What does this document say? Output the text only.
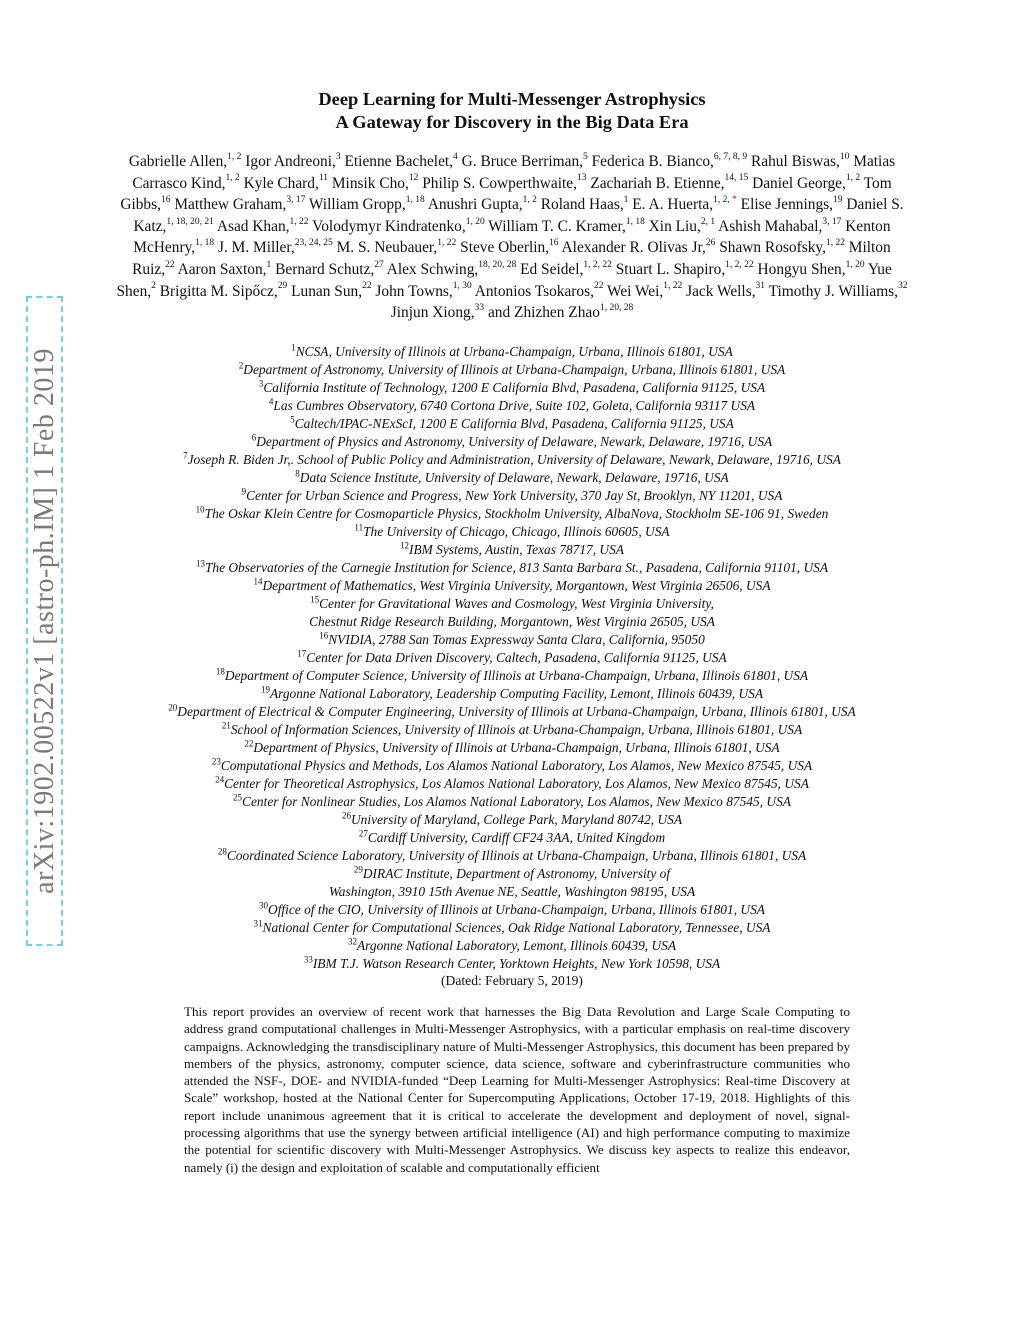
arXiv:1902.00522v1 [astro-ph.IM] 1 Feb 2019
Deep Learning for Multi-Messenger Astrophysics
A Gateway for Discovery in the Big Data Era
Gabrielle Allen,$^{1, 2}$ Igor Andreoni,$^3$ Etienne Bachelet,$^4$ G. Bruce Berriman,$^5$ Federica B. Bianco,$^{6, 7, 8, 9}$ Rahul Biswas,$^{10}$ Matias Carrasco Kind,$^{1, 2}$ Kyle Chard,$^{11}$ Minsik Cho,$^{12}$ Philip S. Cowperthwaite,$^{13}$ Zachariah B. Etienne,$^{14, 15}$ Daniel George,$^{1, 2}$ Tom Gibbs,$^{16}$ Matthew Graham,$^{3, 17}$ William Gropp,$^{1, 18}$ Anushri Gupta,$^{1, 2}$ Roland Haas,$^1$ E. A. Huerta,$^{1, 2, *}$ Elise Jennings,$^{19}$ Daniel S. Katz,$^{1, 18, 20, 21}$ Asad Khan,$^{1, 22}$ Volodymyr Kindratenko,$^{1, 20}$ William T. C. Kramer,$^{1, 18}$ Xin Liu,$^{2, 1}$ Ashish Mahabal,$^{3, 17}$ Kenton McHenry,$^{1, 18}$ J. M. Miller,$^{23, 24, 25}$ M. S. Neubauer,$^{1, 22}$ Steve Oberlin,$^{16}$ Alexander R. Olivas Jr,$^{26}$ Shawn Rosofsky,$^{1, 22}$ Milton Ruiz,$^{22}$ Aaron Saxton,$^1$ Bernard Schutz,$^{27}$ Alex Schwing,$^{18, 20, 28}$ Ed Seidel,$^{1, 2, 22}$ Stuart L. Shapiro,$^{1, 2, 22}$ Hongyu Shen,$^{1, 20}$ Yue Shen,$^2$ Brigitta M. Sipőcz,$^{29}$ Lunan Sun,$^{22}$ John Towns,$^{1, 30}$ Antonios Tsokaros,$^{22}$ Wei Wei,$^{1, 22}$ Jack Wells,$^{31}$ Timothy J. Williams,$^{32}$ Jinjun Xiong,$^{33}$ and Zhizhen Zhao$^{1, 20, 28}$
$^1$NCSA, University of Illinois at Urbana-Champaign, Urbana, Illinois 61801, USA
$^2$Department of Astronomy, University of Illinois at Urbana-Champaign, Urbana, Illinois 61801, USA
$^3$California Institute of Technology, 1200 E California Blvd, Pasadena, California 91125, USA
$^4$Las Cumbres Observatory, 6740 Cortona Drive, Suite 102, Goleta, California 93117 USA
$^5$Caltech/IPAC-NExScI, 1200 E California Blvd, Pasadena, California 91125, USA
$^6$Department of Physics and Astronomy, University of Delaware, Newark, Delaware, 19716, USA
$^7$Joseph R. Biden Jr,. School of Public Policy and Administration, University of Delaware, Newark, Delaware, 19716, USA
$^8$Data Science Institute, University of Delaware, Newark, Delaware, 19716, USA
$^9$Center for Urban Science and Progress, New York University, 370 Jay St, Brooklyn, NY 11201, USA
$^{10}$The Oskar Klein Centre for Cosmoparticle Physics, Stockholm University, AlbaNova, Stockholm SE-106 91, Sweden
$^{11}$The University of Chicago, Chicago, Illinois 60605, USA
$^{12}$IBM Systems, Austin, Texas 78717, USA
$^{13}$The Observatories of the Carnegie Institution for Science, 813 Santa Barbara St., Pasadena, California 91101, USA
$^{14}$Department of Mathematics, West Virginia University, Morgantown, West Virginia 26506, USA
$^{15}$Center for Gravitational Waves and Cosmology, West Virginia University,
Chestnut Ridge Research Building, Morgantown, West Virginia 26505, USA
$^{16}$NVIDIA, 2788 San Tomas Expressway Santa Clara, California, 95050
$^{17}$Center for Data Driven Discovery, Caltech, Pasadena, California 91125, USA
$^{18}$Department of Computer Science, University of Illinois at Urbana-Champaign, Urbana, Illinois 61801, USA
$^{19}$Argonne National Laboratory, Leadership Computing Facility, Lemont, Illinois 60439, USA
$^{20}$Department of Electrical & Computer Engineering, University of Illinois at Urbana-Champaign, Urbana, Illinois 61801, USA
$^{21}$School of Information Sciences, University of Illinois at Urbana-Champaign, Urbana, Illinois 61801, USA
$^{22}$Department of Physics, University of Illinois at Urbana-Champaign, Urbana, Illinois 61801, USA
$^{23}$Computational Physics and Methods, Los Alamos National Laboratory, Los Alamos, New Mexico 87545, USA
$^{24}$Center for Theoretical Astrophysics, Los Alamos National Laboratory, Los Alamos, New Mexico 87545, USA
$^{25}$Center for Nonlinear Studies, Los Alamos National Laboratory, Los Alamos, New Mexico 87545, USA
$^{26}$University of Maryland, College Park, Maryland 80742, USA
$^{27}$Cardiff University, Cardiff CF24 3AA, United Kingdom
$^{28}$Coordinated Science Laboratory, University of Illinois at Urbana-Champaign, Urbana, Illinois 61801, USA
$^{29}$DIRAC Institute, Department of Astronomy, University of
Washington, 3910 15th Avenue NE, Seattle, Washington 98195, USA
$^{30}$Office of the CIO, University of Illinois at Urbana-Champaign, Urbana, Illinois 61801, USA
$^{31}$National Center for Computational Sciences, Oak Ridge National Laboratory, Tennessee, USA
$^{32}$Argonne National Laboratory, Lemont, Illinois 60439, USA
$^{33}$IBM T.J. Watson Research Center, Yorktown Heights, New York 10598, USA
(Dated: February 5, 2019)
This report provides an overview of recent work that harnesses the Big Data Revolution and Large Scale Computing to address grand computational challenges in Multi-Messenger Astrophysics, with a particular emphasis on real-time discovery campaigns. Acknowledging the transdisciplinary nature of Multi-Messenger Astrophysics, this document has been prepared by members of the physics, astronomy, computer science, data science, software and cyberinfrastructure communities who attended the NSF-, DOE- and NVIDIA-funded “Deep Learning for Multi-Messenger Astrophysics: Real-time Discovery at Scale” workshop, hosted at the National Center for Supercomputing Applications, October 17-19, 2018. Highlights of this report include unanimous agreement that it is critical to accelerate the development and deployment of novel, signal-processing algorithms that use the synergy between artificial intelligence (AI) and high performance computing to maximize the potential for scientific discovery with Multi-Messenger Astrophysics. We discuss key aspects to realize this endeavor, namely (i) the design and exploitation of scalable and computationally efficient
